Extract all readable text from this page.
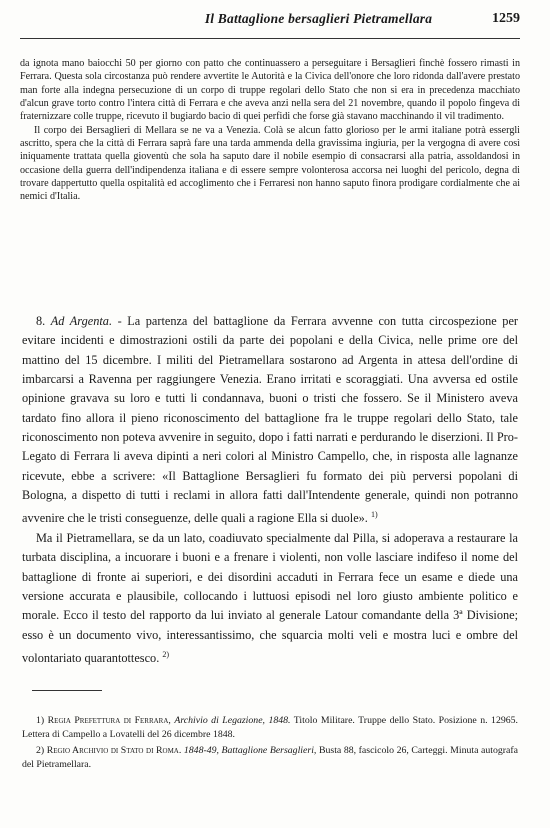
Il Battaglione bersaglieri Pietramellara	1259

da ignota mano baiocchi 50 per giorno con patto che continuassero a perseguitare i Bersaglieri finchè fossero rimasti in Ferrara. Questa sola circostanza può rendere avvertite le Autorità e la Civica dell'onore che loro ridonda dall'avere prestato man forte alla indegna persecuzione di un corpo di truppe regolari dello Stato che non si era in precedenza macchiato d'alcun grave torto contro l'intera città di Ferrara e che aveva anzi nella sera del 21 novembre, quando il popolo fingeva di fraternizzare colle truppe, ricevuto il bugiardo bacio di quei perfidi che forse già stavano macchinando il vil tradimento.

Il corpo dei Bersaglieri di Mellara se ne va a Venezia. Colà se alcun fatto glorioso per le armi italiane potrà essergli ascritto, spera che la città di Ferrara saprà fare una tarda ammenda della gravissima ingiuria, per la vergogna di avere così iniquamente trattata quella gioventù che sola ha saputo dare il nobile esempio di consacrarsi alla patria, assoldandosi in occasione della guerra dell'indipendenza italiana e di essere sempre volonterosa accorsa nei luoghi del pericolo, degna di trovare dappertutto quella ospitalità ed accoglimento che i Ferraresi non hanno saputo finora prodigare cordialmente che ai nemici d'Italia.

8. Ad Argenta. - La partenza del battaglione da Ferrara avvenne con tutta circospezione per evitare incidenti e dimostrazioni ostili da parte dei popolani e della Civica, nelle prime ore del mattino del 15 dicembre. I militi del Pietramellara sostarono ad Argenta in attesa dell'ordine di imbarcarsi a Ravenna per raggiungere Venezia. Erano irritati e scoraggiati. Una avversa ed ostile opinione gravava su loro e tutti li condannava, buoni o tristi che fossero. Se il Ministero aveva tardato fino allora il pieno riconoscimento del battaglione fra le truppe regolari dello Stato, tale riconoscimento non poteva avvenire in seguito, dopo i fatti narrati e perdurando le diserzioni. Il Pro-Legato di Ferrara li aveva dipinti a neri colori al Ministro Campello, che, in risposta alle lagnanze ricevute, ebbe a scrivere: «Il Battaglione Bersaglieri fu formato dei più perversi popolani di Bologna, a dispetto di tutti i reclami in allora fatti dall'Intendente generale, quindi non potranno avvenire che le tristi conseguenze, delle quali a ragione Ella si duole». $^{1)}$

Ma il Pietramellara, se da un lato, coadiuvato specialmente dal Pilla, si adoperava a restaurare la turbata disciplina, a incuorare i buoni e a frenare i violenti, non volle lasciare indifeso il nome del battaglione di fronte ai superiori, e dei disordini accaduti in Ferrara fece un esame e diede una versione accurata e plausibile, collocando i luttuosi episodi nel loro giusto ambiente politico e morale. Ecco il testo del rapporto da lui inviato al generale Latour comandante della 3ª Divisione; esso è un documento vivo, interessantissimo, che squarcia molti veli e mostra luci e ombre del volontariato quarantottesco. $^{2)}$

1) Regia Prefettura di Ferrara, Archivio di Legazione, 1848. Titolo Militare. Truppe dello Stato. Posizione n. 12965. Lettera di Campello a Lovatelli del 26 dicembre 1848.

2) Regio Archivio di Stato di Roma. 1848-49, Battaglione Bersaglieri, Busta 88, fascicolo 26, Carteggi. Minuta autografa del Pietramellara.
